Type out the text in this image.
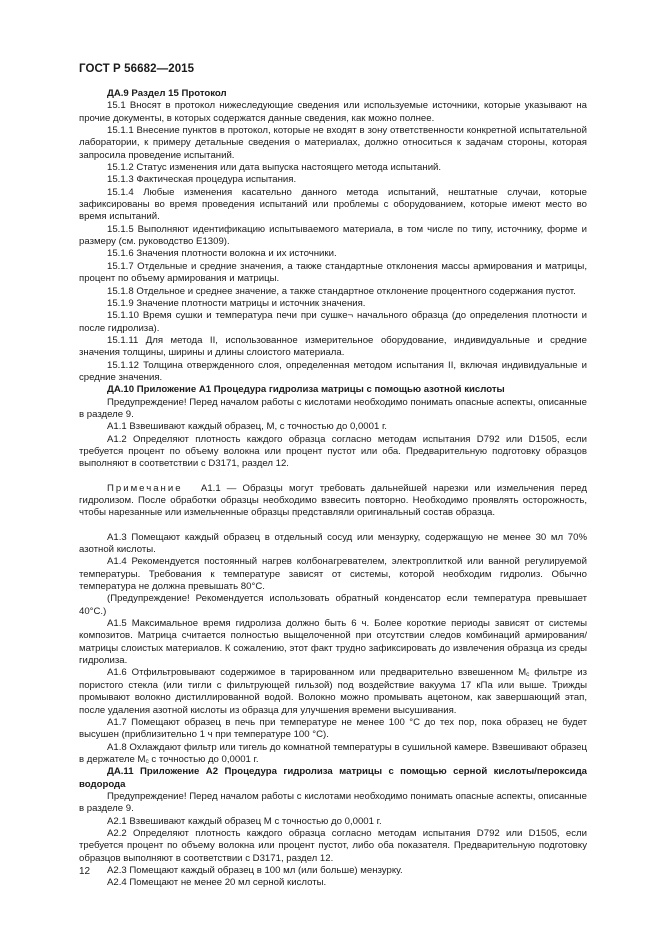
ГОСТ Р 56682—2015

ДА.9 Раздел 15 Протокол

15.1 Вносят в протокол нижеследующие сведения или используемые источники, которые указывают на прочие документы, в которых содержатся данные сведения, как можно полнее.

15.1.1 Внесение пунктов в протокол, которые не входят в зону ответственности конкретной испытательной лаборатории, к примеру детальные сведения о материалах, должно относиться к задачам стороны, которая запросила проведение испытаний.

15.1.2 Статус изменения или дата выпуска настоящего метода испытаний.

15.1.3 Фактическая процедура испытания.

15.1.4 Любые изменения касательно данного метода испытаний, нештатные случаи, которые зафиксированы во время проведения испытаний или проблемы с оборудованием, которые имеют место во время испытаний.

15.1.5 Выполняют идентификацию испытываемого материала, в том числе по типу, источнику, форме и размеру (см. руководство Е1309).

15.1.6 Значения плотности волокна и их источники.

15.1.7 Отдельные и средние значения, а также стандартные отклонения массы армирования и матрицы, процент по объему армирования и матрицы.

15.1.8 Отдельное и среднее значение, а также стандартное отклонение процентного содержания пустот.

15.1.9 Значение плотности матрицы и источник значения.

15.1.10 Время сушки и температура печи при сушке¬ начального образца (до определения плотности и после гидролиза).

15.1.11 Для метода II, использованное измерительное оборудование, индивидуальные и средние значения толщины, ширины и длины слоистого материала.

15.1.12 Толщина отвержденного слоя, определенная методом испытания II, включая индивидуальные и средние значения.

ДА.10 Приложение А1 Процедура гидролиза матрицы с помощью азотной кислоты

Предупреждение! Перед началом работы с кислотами необходимо понимать опасные аспекты, описанные в разделе 9.

А1.1 Взвешивают каждый образец, М, с точностью до 0,0001 г.

А1.2 Определяют плотность каждого образца согласно методам испытания D792 или D1505, если требуется процент по объему волокна или процент пустот или оба. Предварительную подготовку образцов выполняют в соответствии с D3171, раздел 12.

Примечание А1.1 — Образцы могут требовать дальнейшей нарезки или измельчения перед гидролизом. После обработки образцы необходимо взвесить повторно. Необходимо проявлять осторожность, чтобы нарезанные или измельченные образцы представляли оригинальный состав образца.

А1.3 Помещают каждый образец в отдельный сосуд или мензурку, содержащую не менее 30 мл 70% азотной кислоты.

А1.4 Рекомендуется постоянный нагрев колбонагревателем, электроплиткой или ванной регулируемой температуры. Требования к температуре зависят от системы, которой необходим гидролиз. Обычно температура не должна превышать 80°С.

(Предупреждение! Рекомендуется использовать обратный конденсатор если температура превышает 40°С.)

А1.5 Максимальное время гидролиза должно быть 6 ч. Более короткие периоды зависят от системы композитов. Матрица считается полностью выщелоченной при отсутствии следов комбинаций армирования/матрицы слоистых материалов. К сожалению, этот факт трудно зафиксировать до извлечения образца из среды гидролиза.

А1.6 Отфильтровывают содержимое в тарированном или предварительно взвешенном $М_с$ фильтре из пористого стекла (или тигли с фильтрующей гильзой) под воздействие вакуума 17 кПа или выше. Трижды промывают волокно дистиллированной водой. Волокно можно промывать ацетоном, как завершающий этап, после удаления азотной кислоты из образца для улучшения времени высушивания.

А1.7 Помещают образец в печь при температуре не менее 100 °С до тех пор, пока образец не будет высушен (приблизительно 1 ч при температуре 100 °С).

А1.8 Охлаждают фильтр или тигель до комнатной температуры в сушильной камере. Взвешивают образец в держателе $М_с$ с точностью до 0,0001 г.

ДА.11 Приложение А2 Процедура гидролиза матрицы с помощью серной кислоты/пероксида водорода

Предупреждение! Перед началом работы с кислотами необходимо понимать опасные аспекты, описанные в разделе 9.

А2.1 Взвешивают каждый образец М с точностью до 0,0001 г.

А2.2 Определяют плотность каждого образца согласно методам испытания D792 или D1505, если требуется процент по объему волокна или процент пустот, либо оба показателя. Предварительную подготовку образцов выполняют в соответствии с D3171, раздел 12.

А2.3 Помещают каждый образец в 100 мл (или больше) мензурку.

А2.4 Помещают не менее 20 мл серной кислоты.

12
